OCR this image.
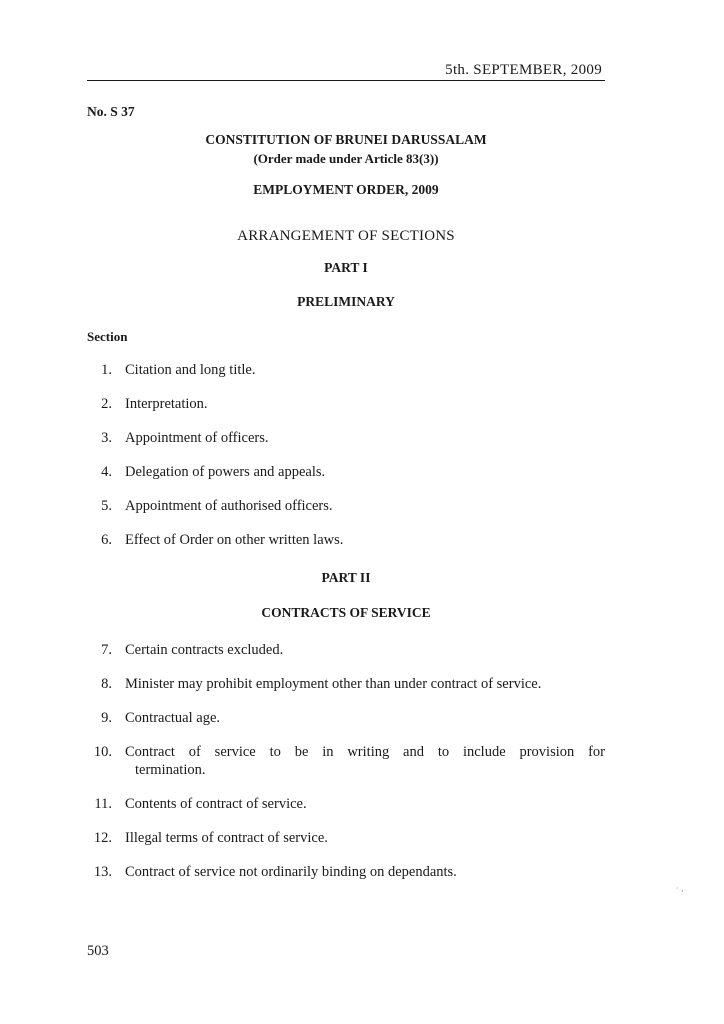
5th. SEPTEMBER, 2009
No. S 37
CONSTITUTION OF BRUNEI DARUSSALAM
(Order made under Article 83(3))
EMPLOYMENT ORDER, 2009
ARRANGEMENT OF SECTIONS
PART I
PRELIMINARY
Section
1. Citation and long title.
2. Interpretation.
3. Appointment of officers.
4. Delegation of powers and appeals.
5. Appointment of authorised officers.
6. Effect of Order on other written laws.
PART II
CONTRACTS OF SERVICE
7. Certain contracts excluded.
8. Minister may prohibit employment other than under contract of service.
9. Contractual age.
10. Contract of service to be in writing and to include provision for
termination.
11. Contents of contract of service.
12. Illegal terms of contract of service.
13. Contract of service not ordinarily binding on dependants.
· ,
503
